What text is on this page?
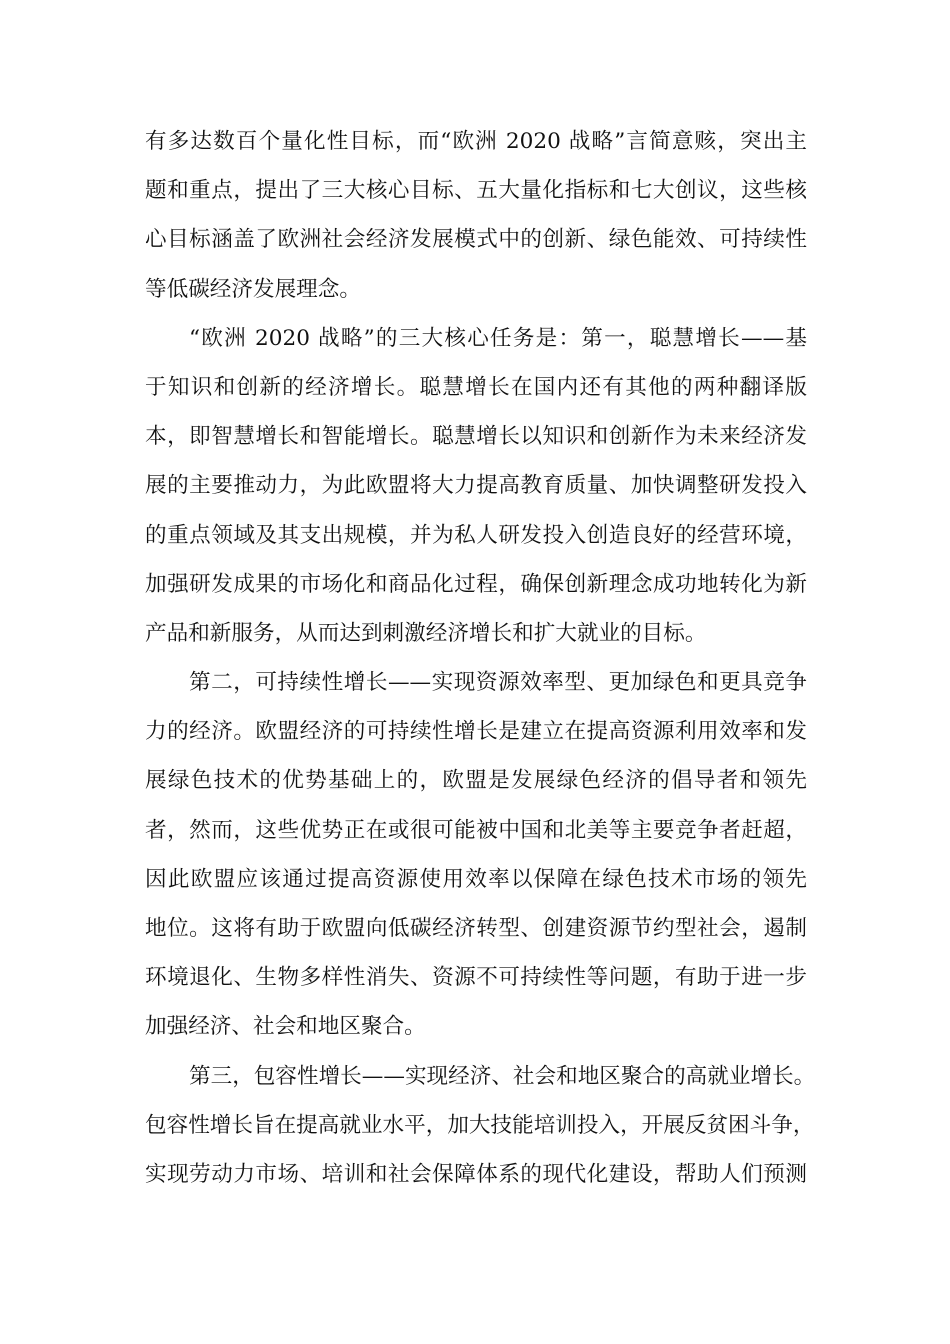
有多达数百个量化性目标，而“欧洲 2020 战略”言简意赅，突出主
题和重点，提出了三大核心目标、五大量化指标和七大创议，这些核
心目标涵盖了欧洲社会经济发展模式中的创新、绿色能效、可持续性
等低碳经济发展理念。
“欧洲 2020 战略”的三大核心任务是：第一，聪慧增长——基
于知识和创新的经济增长。聪慧增长在国内还有其他的两种翻译版
本，即智慧增长和智能增长。聪慧增长以知识和创新作为未来经济发
展的主要推动力，为此欧盟将大力提高教育质量、加快调整研发投入
的重点领域及其支出规模，并为私人研发投入创造良好的经营环境，
加强研发成果的市场化和商品化过程，确保创新理念成功地转化为新
产品和新服务，从而达到刺激经济增长和扩大就业的目标。
第二，可持续性增长——实现资源效率型、更加绿色和更具竞争
力的经济。欧盟经济的可持续性增长是建立在提高资源利用效率和发
展绿色技术的优势基础上的，欧盟是发展绿色经济的倡导者和领先
者，然而，这些优势正在或很可能被中国和北美等主要竞争者赶超，
因此欧盟应该通过提高资源使用效率以保障在绿色技术市场的领先
地位。这将有助于欧盟向低碳经济转型、创建资源节约型社会，遏制
环境退化、生物多样性消失、资源不可持续性等问题，有助于进一步
加强经济、社会和地区聚合。
第三，包容性增长——实现经济、社会和地区聚合的高就业增长。
包容性增长旨在提高就业水平，加大技能培训投入，开展反贫困斗争，
实现劳动力市场、培训和社会保障体系的现代化建设，帮助人们预测
